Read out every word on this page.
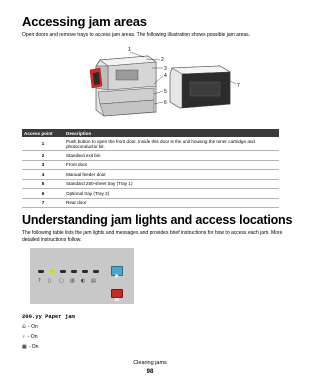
Accessing jam areas
Open doors and remove trays to access jam areas. The following illustration shows possible jam areas.
1
2
3
4
5
6
7
Access point	Description
1	Push button to open the front door. Inside this door is the unit housing the toner cartridge and photoconductor kit.
2	Standard exit bin
3	Front door
4	Manual feeder door
5	Standard 250-sheet tray (Tray 1)
6	Optional tray (Tray 2)
7	Rear door
Understanding jam lights and access locations
The following table lists the jam lights and messages and provides brief instructions for how to access each jam. More detailed instructions follow.
? ▯ ▢ ▥ ◐ ▤
200.yy Paper jam
⎌ - On
♀ - On
▦ - On
Clearing jams
98
